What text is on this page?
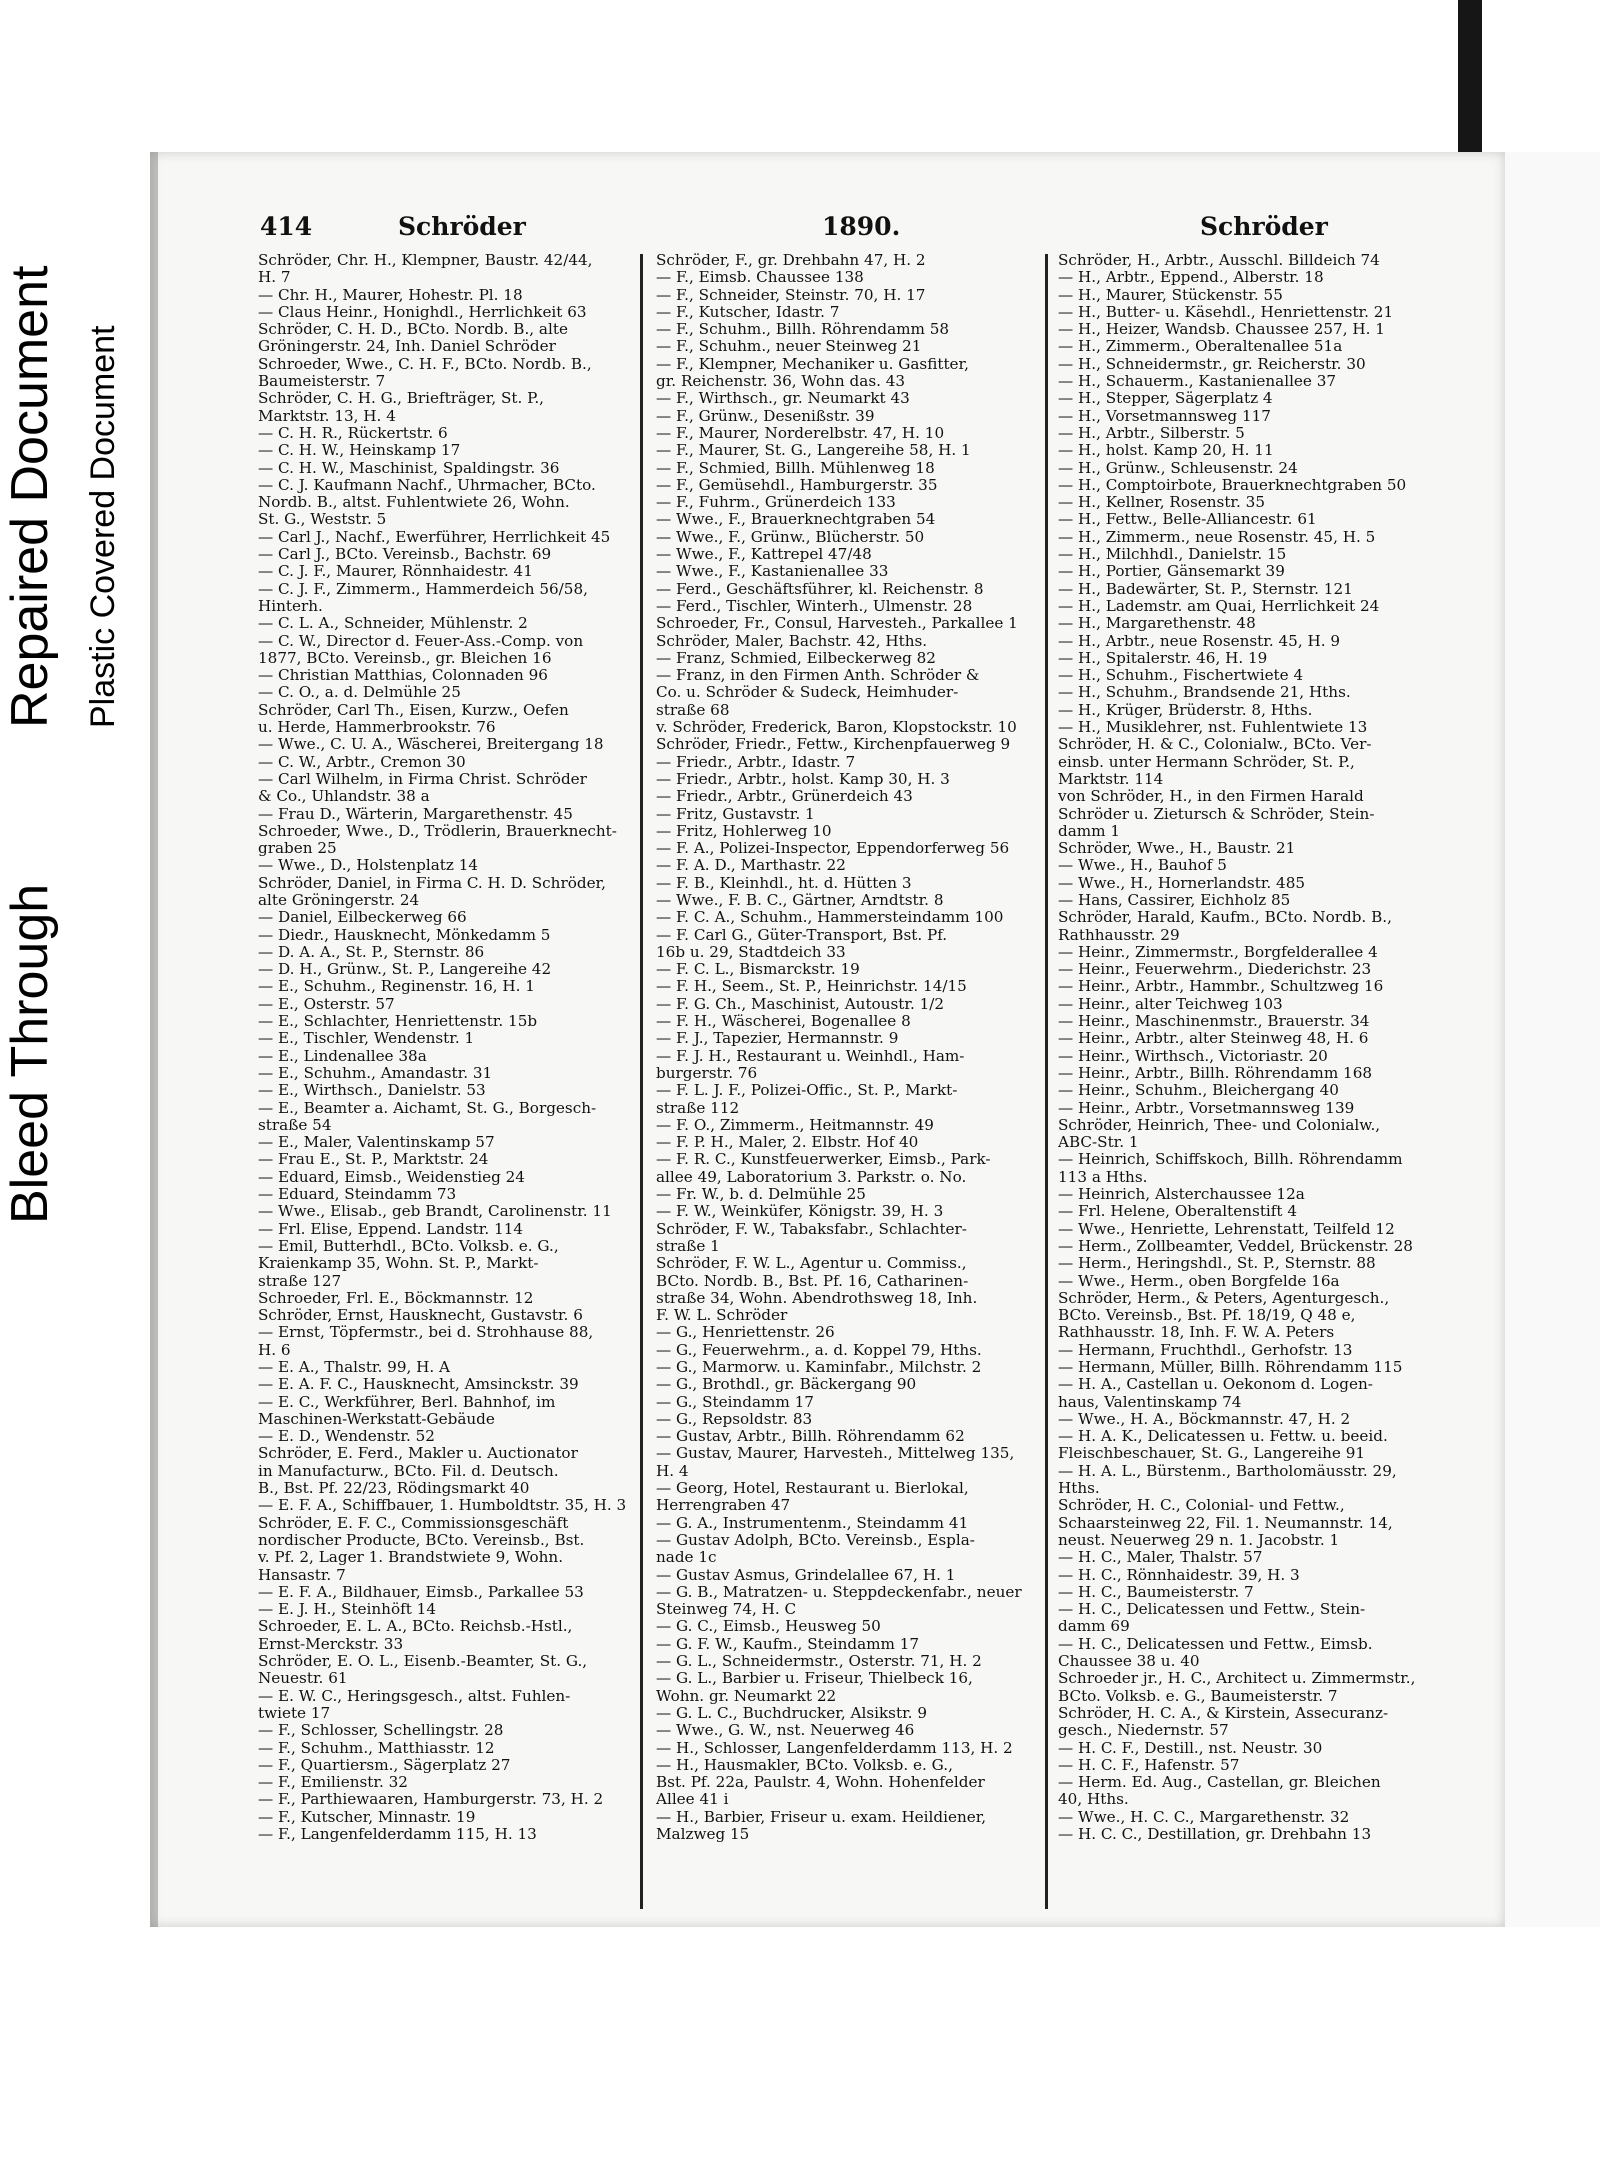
Bleed Through
Repaired Document Plastic Covered Document
414	Schröder	1890.	Schröder
Schröder, Chr. H., Klempner, Baustr. 42/44,
H. 7
— Chr. H., Maurer, Hohestr. Pl. 18
— Claus Heinr., Honighdl., Herrlichkeit 63
Schröder, C. H. D., BCto. Nordb. B., alte
Gröningerstr. 24, Inh. Daniel Schröder
Schroeder, Wwe., C. H. F., BCto. Nordb. B.,
Baumeisterstr. 7
Schröder, C. H. G., Briefträger, St. P.,
Marktstr. 13, H. 4
— C. H. R., Rückertstr. 6
— C. H. W., Heinskamp 17
— C. H. W., Maschinist, Spaldingstr. 36
— C. J. Kaufmann Nachf., Uhrmacher, BCto.
Nordb. B., altst. Fuhlentwiete 26, Wohn.
St. G., Weststr. 5
— Carl J., Nachf., Ewerführer, Herrlichkeit 45
— Carl J., BCto. Vereinsb., Bachstr. 69
— C. J. F., Maurer, Rönnhaidestr. 41
— C. J. F., Zimmerm., Hammerdeich 56/58,
Hinterh.
— C. L. A., Schneider, Mühlenstr. 2
— C. W., Director d. Feuer-Ass.-Comp. von
1877, BCto. Vereinsb., gr. Bleichen 16
— Christian Matthias, Colonnaden 96
— C. O., a. d. Delmühle 25
Schröder, Carl Th., Eisen, Kurzw., Oefen
u. Herde, Hammerbrookstr. 76
— Wwe., C. U. A., Wäscherei, Breitergang 18
— C. W., Arbtr., Cremon 30
— Carl Wilhelm, in Firma Christ. Schröder
& Co., Uhlandstr. 38 a
— Frau D., Wärterin, Margarethenstr. 45
Schroeder, Wwe., D., Trödlerin, Brauerknecht-
graben 25
— Wwe., D., Holstenplatz 14
Schröder, Daniel, in Firma C. H. D. Schröder,
alte Gröningerstr. 24
— Daniel, Eilbeckerweg 66
— Diedr., Hausknecht, Mönkedamm 5
— D. A. A., St. P., Sternstr. 86
— D. H., Grünw., St. P., Langereihe 42
— E., Schuhm., Reginenstr. 16, H. 1
— E., Osterstr. 57
— E., Schlachter, Henriettenstr. 15b
— E., Tischler, Wendenstr. 1
— E., Lindenallee 38a
— E., Schuhm., Amandastr. 31
— E., Wirthsch., Danielstr. 53
— E., Beamter a. Aichamt, St. G., Borgesch-
straße 54
— E., Maler, Valentinskamp 57
— Frau E., St. P., Marktstr. 24
— Eduard, Eimsb., Weidenstieg 24
— Eduard, Steindamm 73
— Wwe., Elisab., geb Brandt, Carolinenstr. 11
— Frl. Elise, Eppend. Landstr. 114
— Emil, Butterhdl., BCto. Volksb. e. G.,
Kraienkamp 35, Wohn. St. P., Markt-
straße 127
Schroeder, Frl. E., Böckmannstr. 12
Schröder, Ernst, Hausknecht, Gustavstr. 6
— Ernst, Töpfermstr., bei d. Strohhause 88,
H. 6
— E. A., Thalstr. 99, H. A
— E. A. F. C., Hausknecht, Amsinckstr. 39
— E. C., Werkführer, Berl. Bahnhof, im
Maschinen-Werkstatt-Gebäude
— E. D., Wendenstr. 52
Schröder, E. Ferd., Makler u. Auctionator
in Manufacturw., BCto. Fil. d. Deutsch.
B., Bst. Pf. 22/23, Rödingsmarkt 40
— E. F. A., Schiffbauer, 1. Humboldtstr. 35, H. 3
Schröder, E. F. C., Commissionsgeschäft
nordischer Producte, BCto. Vereinsb., Bst.
v. Pf. 2, Lager 1. Brandstwiete 9, Wohn.
Hansastr. 7
— E. F. A., Bildhauer, Eimsb., Parkallee 53
— E. J. H., Steinhöft 14
Schroeder, E. L. A., BCto. Reichsb.-Hstl.,
Ernst-Merckstr. 33
Schröder, E. O. L., Eisenb.-Beamter, St. G.,
Neuestr. 61
— E. W. C., Heringsgesch., altst. Fuhlen-
twiete 17
— F., Schlosser, Schellingstr. 28
— F., Schuhm., Matthiasstr. 12
— F., Quartiersm., Sägerplatz 27
— F., Emilienstr. 32
— F., Parthiewaaren, Hamburgerstr. 73, H. 2
— F., Kutscher, Minnastr. 19
— F., Langenfelderdamm 115, H. 13
Schröder, F., gr. Drehbahn 47, H. 2
— F., Eimsb. Chaussee 138
— F., Schneider, Steinstr. 70, H. 17
— F., Kutscher, Idastr. 7
— F., Schuhm., Billh. Röhrendamm 58
— F., Schuhm., neuer Steinweg 21
— F., Klempner, Mechaniker u. Gasfitter,
gr. Reichenstr. 36, Wohn das. 43
— F., Wirthsch., gr. Neumarkt 43
— F., Grünw., Desenißstr. 39
— F., Maurer, Norderelbstr. 47, H. 10
— F., Maurer, St. G., Langereihe 58, H. 1
— F., Schmied, Billh. Mühlenweg 18
— F., Gemüsehdl., Hamburgerstr. 35
— F., Fuhrm., Grünerdeich 133
— Wwe., F., Brauerknechtgraben 54
— Wwe., F., Grünw., Blücherstr. 50
— Wwe., F., Kattrepel 47/48
— Wwe., F., Kastanienallee 33
— Ferd., Geschäftsführer, kl. Reichenstr. 8
— Ferd., Tischler, Winterh., Ulmenstr. 28
Schroeder, Fr., Consul, Harvestеh., Parkallee 1
Schröder, Maler, Bachstr. 42, Hths.
— Franz, Schmied, Eilbeckerweg 82
— Franz, in den Firmen Anth. Schröder &
Co. u. Schröder & Sudeck, Heimhuder-
straße 68
v. Schröder, Frederick, Baron, Klopstockstr. 10
Schröder, Friedr., Fettw., Kirchenpfauerweg 9
— Friedr., Arbtr., Idastr. 7
— Friedr., Arbtr., holst. Kamp 30, H. 3
— Friedr., Arbtr., Grünerdeich 43
— Fritz, Gustavstr. 1
— Fritz, Hohlerweg 10
— F. A., Polizei-Inspector, Eppendorferweg 56
— F. A. D., Marthastr. 22
— F. B., Kleinhdl., ht. d. Hütten 3
— Wwe., F. B. C., Gärtner, Arndtstr. 8
— F. C. A., Schuhm., Hammersteindamm 100
— F. Carl G., Güter-Transport, Bst. Pf.
16b u. 29, Stadtdeich 33
— F. C. L., Bismarckstr. 19
— F. H., Seem., St. P., Heinrichstr. 14/15
— F. G. Ch., Maschinist, Autoustr. 1/2
— F. H., Wäscherei, Bogenallee 8
— F. J., Tapezier, Hermannstr. 9
— F. J. H., Restaurant u. Weinhdl., Ham-
burgerstr. 76
— F. L. J. F., Polizei-Offic., St. P., Markt-
straße 112
— F. O., Zimmerm., Heitmannstr. 49
— F. P. H., Maler, 2. Elbstr. Hof 40
— F. R. C., Kunstfeuerwerker, Eimsb., Park-
allee 49, Laboratorium 3. Parkstr. o. No.
— Fr. W., b. d. Delmühle 25
— F. W., Weinküfer, Königstr. 39, H. 3
Schröder, F. W., Tabaksfabr., Schlachter-
straße 1
Schröder, F. W. L., Agentur u. Commiss.,
BCto. Nordb. B., Bst. Pf. 16, Catharinen-
straße 34, Wohn. Abendrothsweg 18, Inh.
F. W. L. Schröder
— G., Henriettenstr. 26
— G., Feuerwehrm., a. d. Koppel 79, Hths.
— G., Marmorw. u. Kaminfabr., Milchstr. 2
— G., Brothdl., gr. Bäckergang 90
— G., Steindamm 17
— G., Repsoldstr. 83
— Gustav, Arbtr., Billh. Röhrendamm 62
— Gustav, Maurer, Harvesteh., Mittelweg 135,
H. 4
— Georg, Hotel, Restaurant u. Bierlokal,
Herrengraben 47
— G. A., Instrumentenm., Steindamm 41
— Gustav Adolph, BCto. Vereinsb., Espla-
nade 1c
— Gustav Asmus, Grindelallee 67, H. 1
— G. B., Matratzen- u. Steppdeckenfabr., neuer
Steinweg 74, H. C
— G. C., Eimsb., Heusweg 50
— G. F. W., Kaufm., Steindamm 17
— G. L., Schneidermstr., Osterstr. 71, H. 2
— G. L., Barbier u. Friseur, Thielbeck 16,
Wohn. gr. Neumarkt 22
— G. L. C., Buchdrucker, Alsikstr. 9
— Wwe., G. W., nst. Neuerweg 46
— H., Schlosser, Langenfelderdamm 113, H. 2
— H., Hausmakler, BCto. Volksb. e. G.,
Bst. Pf. 22a, Paulstr. 4, Wohn. Hohenfelder
Allee 41 i
— H., Barbier, Friseur u. exam. Heildiener,
Malzweg 15
Schröder, H., Arbtr., Ausschl. Billdeich 74
— H., Arbtr., Eppend., Alberstr. 18
— H., Maurer, Stückenstr. 55
— H., Butter- u. Käsehdl., Henriettenstr. 21
— H., Heizer, Wandsb. Chaussee 257, H. 1
— H., Zimmerm., Oberaltenallee 51a
— H., Schneidermstr., gr. Reicherstr. 30
— H., Schauerm., Kastanienallee 37
— H., Stepper, Sägerplatz 4
— H., Vorsetmannsweg 117
— H., Arbtr., Silberstr. 5
— H., holst. Kamp 20, H. 11
— H., Grünw., Schleusenstr. 24
— H., Comptoirbote, Brauerknechtgraben 50
— H., Kellner, Rosenstr. 35
— H., Fettw., Belle-Alliancestr. 61
— H., Zimmerm., neue Rosenstr. 45, H. 5
— H., Milchhdl., Danielstr. 15
— H., Portier, Gänsemarkt 39
— H., Badewärter, St. P., Sternstr. 121
— H., Lademstr. am Quai, Herrlichkeit 24
— H., Margarethenstr. 48
— H., Arbtr., neue Rosenstr. 45, H. 9
— H., Spitalerstr. 46, H. 19
— H., Schuhm., Fischertwiete 4
— H., Schuhm., Brandsende 21, Hths.
— H., Krüger, Brüderstr. 8, Hths.
— H., Musiklehrer, nst. Fuhlentwiete 13
Schröder, H. & C., Colonialw., BCto. Ver-
einsb. unter Hermann Schröder, St. P.,
Marktstr. 114
von Schröder, H., in den Firmen Harald
Schröder u. Zietursch & Schröder, Stein-
damm 1
Schröder, Wwe., H., Baustr. 21
— Wwe., H., Bauhof 5
— Wwe., H., Hornerlandstr. 485
— Hans, Cassirer, Eichholz 85
Schröder, Harald, Kaufm., BCto. Nordb. B.,
Rathhausstr. 29
— Heinr., Zimmermstr., Borgfelderallee 4
— Heinr., Feuerwehrm., Diederichstr. 23
— Heinr., Arbtr., Hammbr., Schultzweg 16
— Heinr., alter Teichweg 103
— Heinr., Maschinenmstr., Brauerstr. 34
— Heinr., Arbtr., alter Steinweg 48, H. 6
— Heinr., Wirthsch., Victoriastr. 20
— Heinr., Arbtr., Billh. Röhrendamm 168
— Heinr., Schuhm., Bleichergang 40
— Heinr., Arbtr., Vorsetmannsweg 139
Schröder, Heinrich, Thee- und Colonialw.,
ABC-Str. 1
— Heinrich, Schiffskoch, Billh. Röhrendamm
113 a Hths.
— Heinrich, Alsterchaussee 12a
— Frl. Helene, Oberaltenstift 4
— Wwe., Henriette, Lehrenstatt, Teilfeld 12
— Herm., Zollbeamter, Veddel, Brückenstr. 28
— Herm., Heringshdl., St. P., Sternstr. 88
— Wwe., Herm., oben Borgfelde 16a
Schröder, Herm., & Peters, Agenturgesch.,
BCto. Vereinsb., Bst. Pf. 18/19, Q 48 e,
Rathhausstr. 18, Inh. F. W. A. Peters
— Hermann, Fruchthdl., Gerhofstr. 13
— Hermann, Müller, Billh. Röhrendamm 115
— H. A., Castellan u. Oekonom d. Logen-
haus, Valentinskamp 74
— Wwe., H. A., Böckmannstr. 47, H. 2
— H. A. K., Delicatessen u. Fettw. u. beeid.
Fleischbeschauer, St. G., Langereihe 91
— H. A. L., Bürstenm., Bartholomäusstr. 29,
Hths.
Schröder, H. C., Colonial- und Fettw.,
Schaarsteinweg 22, Fil. 1. Neumannstr. 14,
neust. Neuerweg 29 n. 1. Jacobstr. 1
— H. C., Maler, Thalstr. 57
— H. C., Rönnhaidestr. 39, H. 3
— H. C., Baumeisterstr. 7
— H. C., Delicatessen und Fettw., Stein-
damm 69
— H. C., Delicatessen und Fettw., Eimsb.
Chaussee 38 u. 40
Schroeder jr., H. C., Architect u. Zimmermstr.,
BCto. Volksb. e. G., Baumeisterstr. 7
Schröder, H. C. A., & Kirstein, Assecuranz-
gesch., Niedernstr. 57
— H. C. F., Destill., nst. Neustr. 30
— H. C. F., Hafenstr. 57
— Herm. Ed. Aug., Castellan, gr. Bleichen
40, Hths.
— Wwe., H. C. C., Margarethenstr. 32
— H. C. C., Destillation, gr. Drehbahn 13
